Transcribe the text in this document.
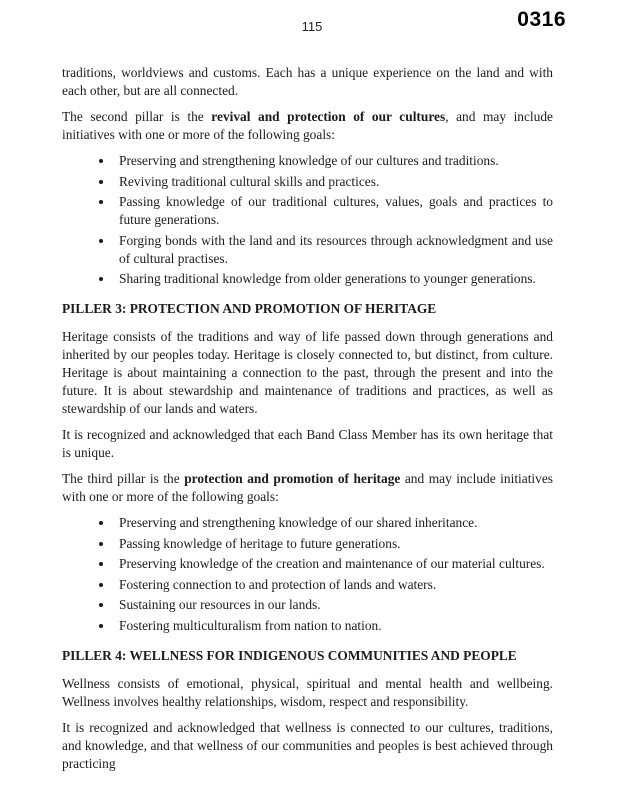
115	0316

traditions, worldviews and customs. Each has a unique experience on the land and with each other, but are all connected.

The second pillar is the revival and protection of our cultures, and may include initiatives with one or more of the following goals:

• Preserving and strengthening knowledge of our cultures and traditions.
• Reviving traditional cultural skills and practices.
• Passing knowledge of our traditional cultures, values, goals and practices to future generations.
• Forging bonds with the land and its resources through acknowledgment and use of cultural practises.
• Sharing traditional knowledge from older generations to younger generations.
PILLER 3: PROTECTION AND PROMOTION OF HERITAGE

Heritage consists of the traditions and way of life passed down through generations and inherited by our peoples today. Heritage is closely connected to, but distinct, from culture. Heritage is about maintaining a connection to the past, through the present and into the future. It is about stewardship and maintenance of traditions and practices, as well as stewardship of our lands and waters.

It is recognized and acknowledged that each Band Class Member has its own heritage that is unique.

The third pillar is the protection and promotion of heritage and may include initiatives with one or more of the following goals:

• Preserving and strengthening knowledge of our shared inheritance.
• Passing knowledge of heritage to future generations.
• Preserving knowledge of the creation and maintenance of our material cultures.
• Fostering connection to and protection of lands and waters.
• Sustaining our resources in our lands.
• Fostering multiculturalism from nation to nation.
PILLER 4: WELLNESS FOR INDIGENOUS COMMUNITIES AND PEOPLE

Wellness consists of emotional, physical, spiritual and mental health and wellbeing. Wellness involves healthy relationships, wisdom, respect and responsibility.

It is recognized and acknowledged that wellness is connected to our cultures, traditions, and knowledge, and that wellness of our communities and peoples is best achieved through practicing
